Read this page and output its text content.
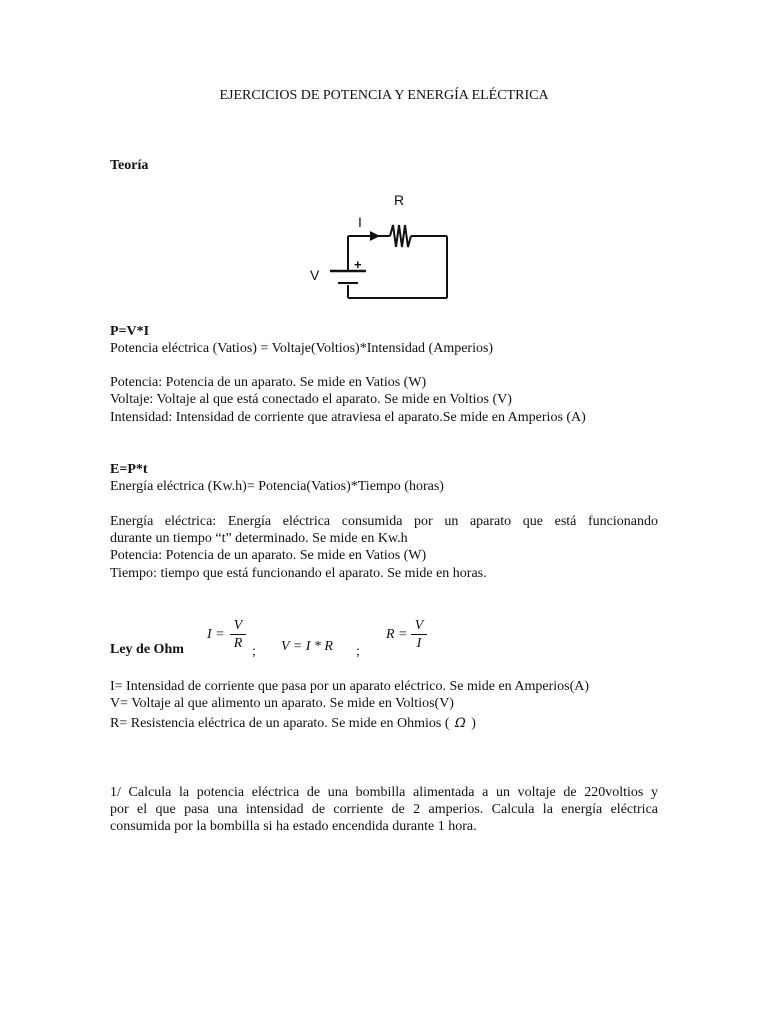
EJERCICIOS DE POTENCIA Y ENERGÍA ELÉCTRICA
Teoría
R
I
V
+
P=V*I
Potencia eléctrica (Vatios) = Voltaje(Voltios)*Intensidad (Amperios)
Potencia: Potencia de un aparato. Se mide en Vatios (W)
Voltaje: Voltaje al que está conectado el aparato. Se mide en Voltios (V)
Intensidad: Intensidad de corriente que atraviesa el aparato.Se mide en Amperios (A)
E=P*t
Energía eléctrica (Kw.h)= Potencia(Vatios)*Tiempo (horas)
Energía eléctrica: Energía eléctrica consumida por un aparato que está funcionando
durante un tiempo “t” determinado. Se mide en Kw.h
Potencia: Potencia de un aparato. Se mide en Vatios (W)
Tiempo: tiempo que está funcionando el aparato. Se mide en horas.
Ley de Ohm
$I = \frac{V}{R}$ ; V = I * R ;
$R = \frac{V}{I}$
I= Intensidad de corriente que pasa por un aparato eléctrico. Se mide en Amperios(A)
V= Voltaje al que alimento un aparato. Se mide en Voltios(V)
R= Resistencia eléctrica de un aparato. Se mide en Ohmios ( Ω )
1/ Calcula la potencia eléctrica de una bombilla alimentada a un voltaje de 220voltios y
por el que pasa una intensidad de corriente de 2 amperios. Calcula la energía eléctrica
consumida por la bombilla si ha estado encendida durante 1 hora.
